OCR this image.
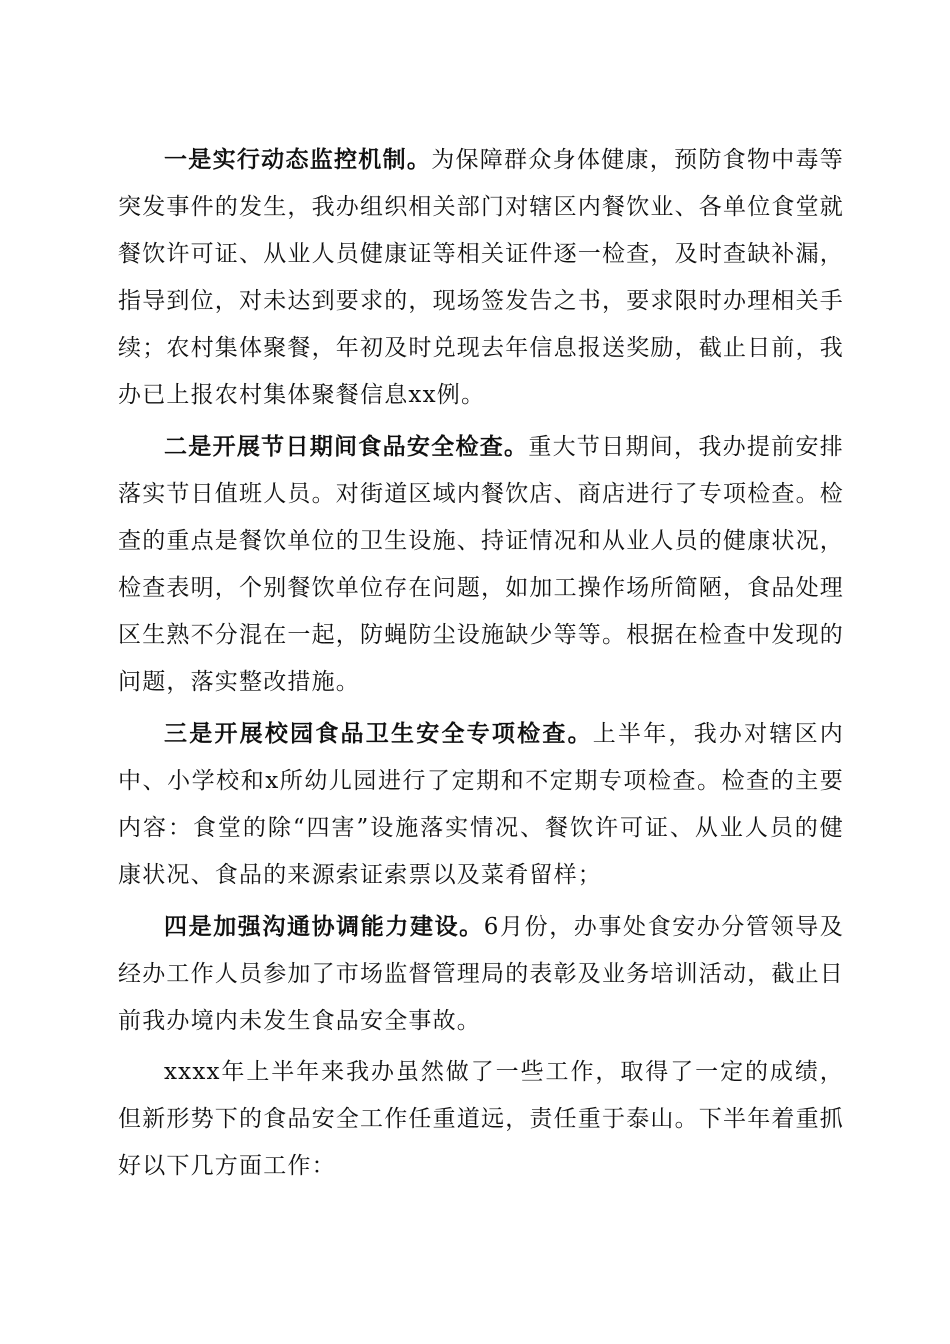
一是实行动态监控机制。为保障群众身体健康，预防食物中毒等突发事件的发生，我办组织相关部门对辖区内餐饮业、各单位食堂就餐饮许可证、从业人员健康证等相关证件逐一检查，及时查缺补漏，指导到位，对未达到要求的，现场签发告之书，要求限时办理相关手续；农村集体聚餐，年初及时兑现去年信息报送奖励，截止日前，我办已上报农村集体聚餐信息xx例。

二是开展节日期间食品安全检查。重大节日期间，我办提前安排落实节日值班人员。对街道区域内餐饮店、商店进行了专项检查。检查的重点是餐饮单位的卫生设施、持证情况和从业人员的健康状况，检查表明，个别餐饮单位存在问题，如加工操作场所简陋，食品处理区生熟不分混在一起，防蝇防尘设施缺少等等。根据在检查中发现的问题，落实整改措施。

三是开展校园食品卫生安全专项检查。上半年，我办对辖区内中、小学校和x所幼儿园进行了定期和不定期专项检查。检查的主要内容：食堂的除“四害”设施落实情况、餐饮许可证、从业人员的健康状况、食品的来源索证索票以及菜肴留样；

四是加强沟通协调能力建设。6月份，办事处食安办分管领导及经办工作人员参加了市场监督管理局的表彰及业务培训活动，截止日前我办境内未发生食品安全事故。

xxxx年上半年来我办虽然做了一些工作，取得了一定的成绩，但新形势下的食品安全工作任重道远，责任重于泰山。下半年着重抓好以下几方面工作：
